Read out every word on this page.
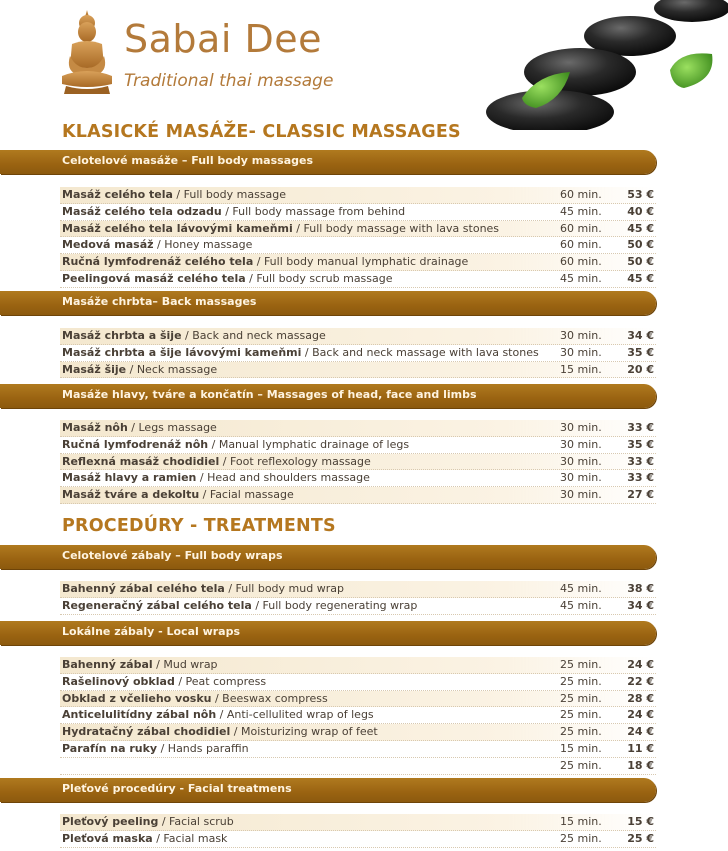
Sabai Dee
Traditional thai massage
KLASICKÉ MASÁŽE- CLASSIC MASSAGES
Celotelové masáže – Full body massages
Masáž celého tela / Full body massage	60 min. 53 €
Masáž celého tela odzadu / Full body massage from behind	45 min. 40 €
Masáž celého tela lávovými kameňmi / Full body massage with lava stones	60 min. 45 €
Medová masáž / Honey massage	60 min. 50 €
Ručná lymfodrenáž celého tela / Full body manual lymphatic drainage	60 min. 50 €
Peelingová masáž celého tela / Full body scrub massage	45 min. 45 €
Masáže chrbta– Back massages
Masáž chrbta a šije / Back and neck massage	30 min. 34 €
Masáž chrbta a šije lávovými kameňmi / Back and neck massage with lava stones 30 min. 35 €
Masáž šije / Neck massage	15 min. 20 €
Masáže hlavy, tváre a končatín – Massages of head, face and limbs
Masáž nôh / Legs massage	30 min. 33 €
Ručná lymfodrenáž nôh / Manual lymphatic drainage of legs	30 min. 35 €
Reflexná masáž chodidiel / Foot reflexology massage	30 min. 33 €
Masáž hlavy a ramien / Head and shoulders massage	30 min. 33 €
Masáž tváre a dekoltu / Facial massage	30 min. 27 €
PROCEDÚRY - TREATMENTS
Celotelové zábaly – Full body wraps
Bahenný zábal celého tela / Full body mud wrap	45 min. 38 €
Regeneračný zábal celého tela / Full body regenerating wrap	45 min. 34 €
Lokálne zábaly - Local wraps
Bahenný zábal / Mud wrap	25 min. 24 €
Rašelinový obklad / Peat compress	25 min. 22 €
Obklad z včelieho vosku / Beeswax compress	25 min. 28 €
Anticelulitídny zábal nôh / Anti-cellulited wrap of legs	25 min. 24 €
Hydratačný zábal chodidiel / Moisturizing wrap of feet	25 min. 24 €
Parafín na ruky / Hands paraffin	15 min. 11 €
25 min. 18 €
Pleťové procedúry - Facial treatmens
Pleťový peeling / Facial scrub	15 min. 15 €
Pleťová maska / Facial mask	25 min. 25 €
